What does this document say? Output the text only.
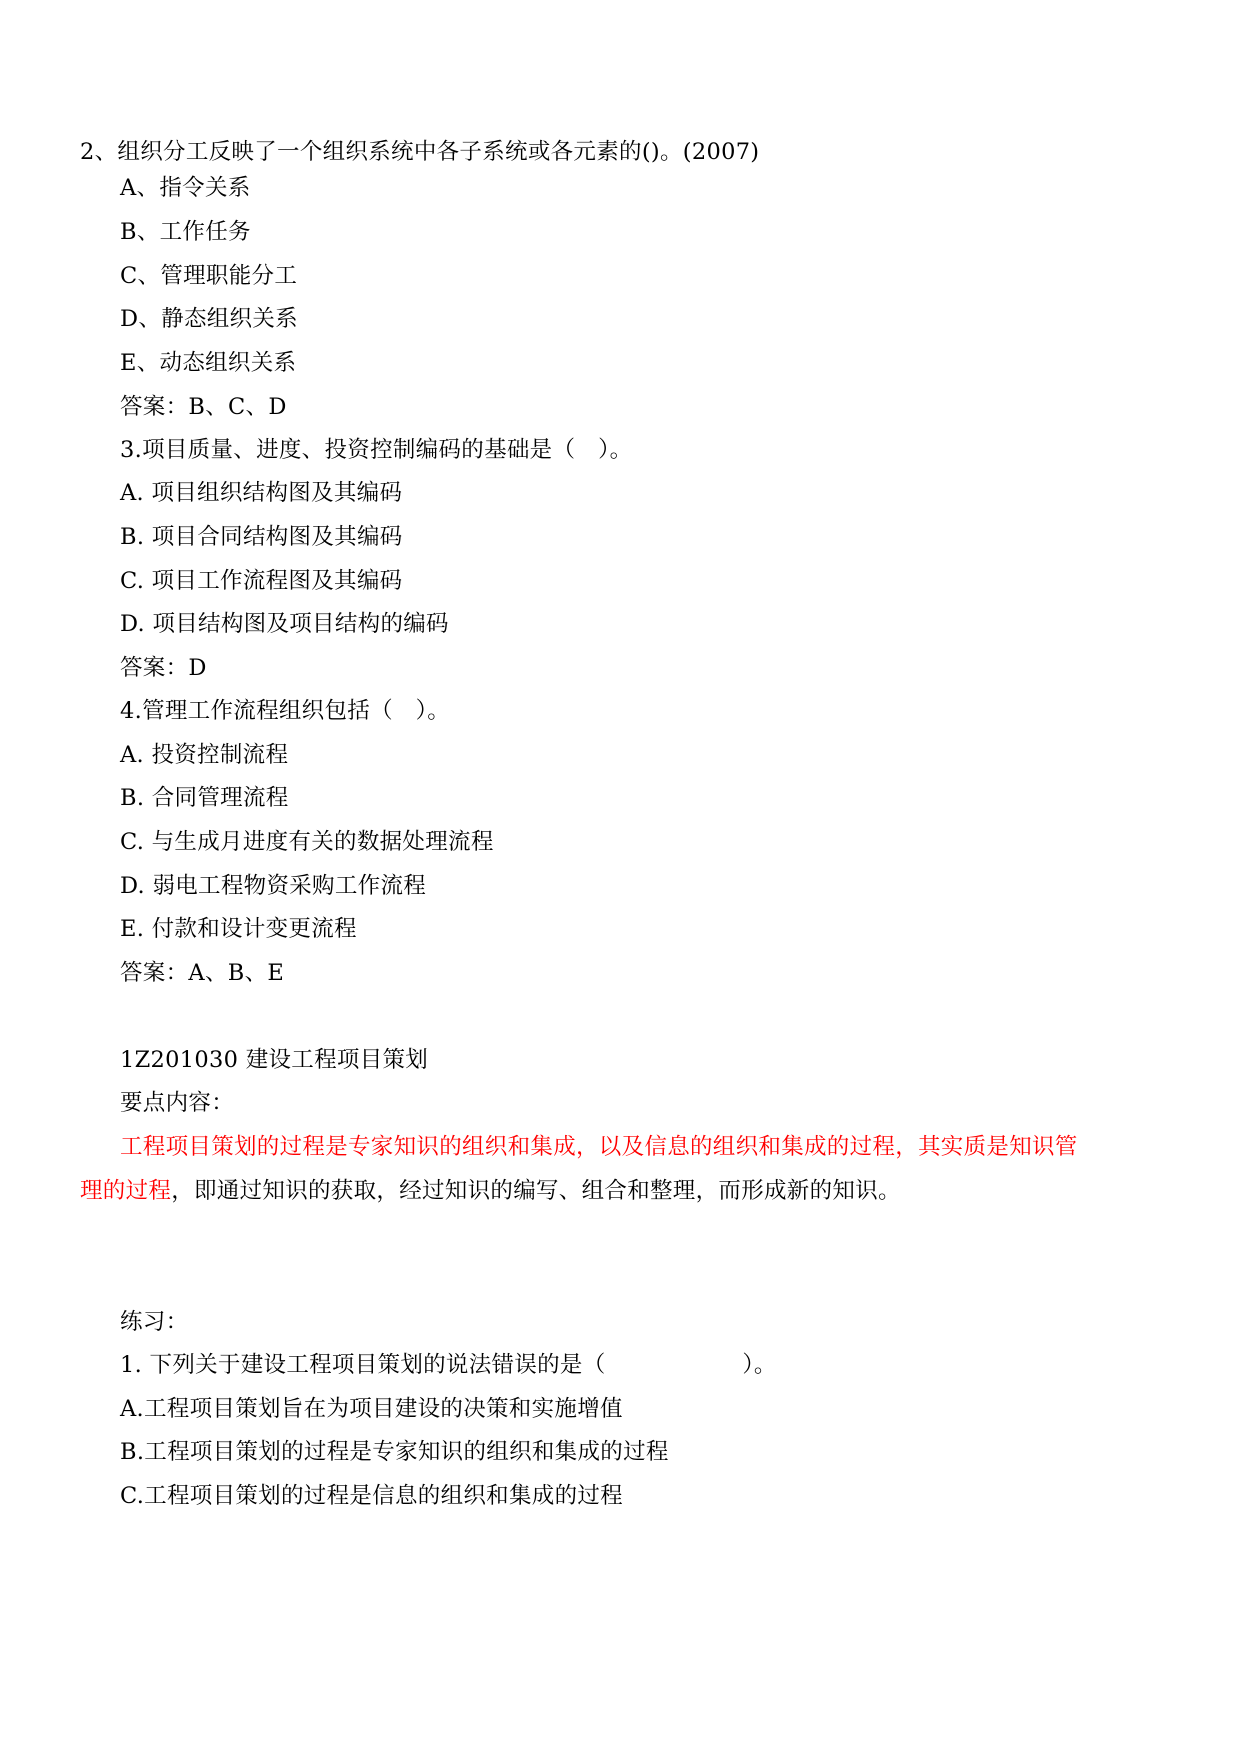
2、组织分工反映了一个组织系统中各子系统或各元素的()。(2007)
A、指令关系
B、工作任务
C、管理职能分工
D、静态组织关系
E、动态组织关系
答案：B、C、D
3.项目质量、进度、投资控制编码的基础是（　）。
A. 项目组织结构图及其编码
B. 项目合同结构图及其编码
C. 项目工作流程图及其编码
D. 项目结构图及项目结构的编码
答案：D
4.管理工作流程组织包括（　）。
A. 投资控制流程
B. 合同管理流程
C. 与生成月进度有关的数据处理流程
D. 弱电工程物资采购工作流程
E. 付款和设计变更流程
答案：A、B、E
1Z201030 建设工程项目策划
要点内容：
工程项目策划的过程是专家知识的组织和集成，以及信息的组织和集成的过程，其实质是知识管
理的过程，即通过知识的获取，经过知识的编写、组合和整理，而形成新的知识。
练习：
1. 下列关于建设工程项目策划的说法错误的是（　　　　　　）。
A.工程项目策划旨在为项目建设的决策和实施增值
B.工程项目策划的过程是专家知识的组织和集成的过程
C.工程项目策划的过程是信息的组织和集成的过程
